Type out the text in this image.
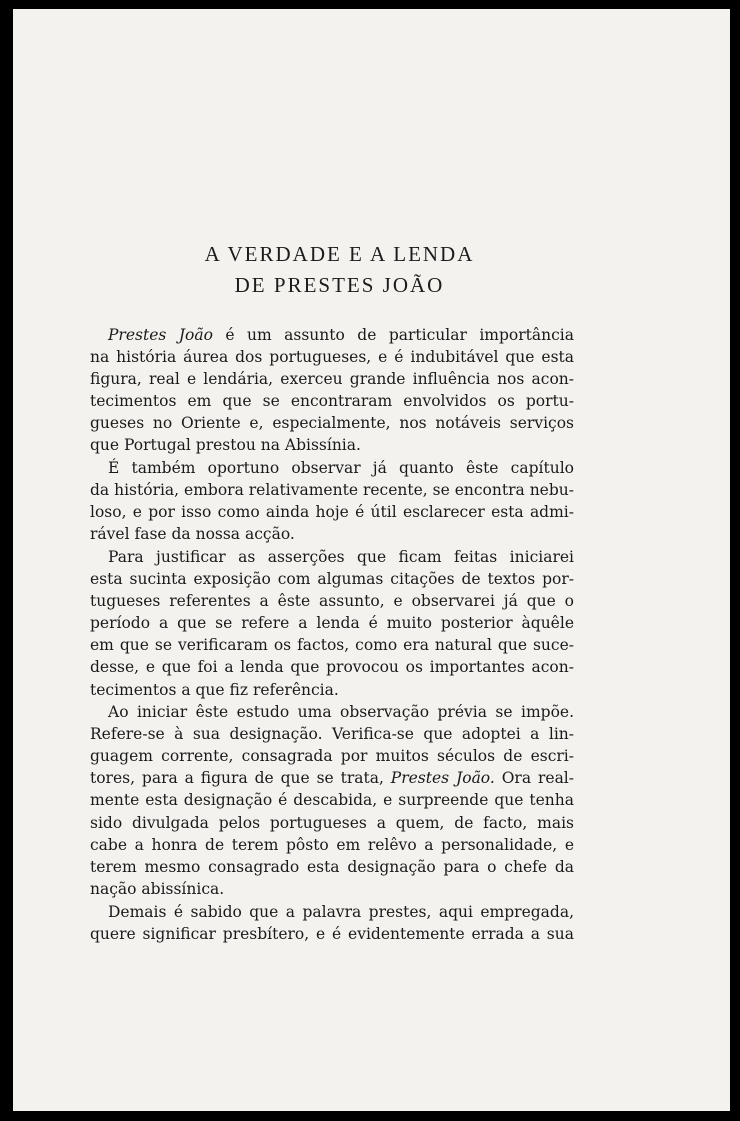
A VERDADE E A LENDA
DE PRESTES JOÃO
Prestes João é um assunto de particular importância
na história áurea dos portugueses, e é indubitável que esta
figura, real e lendária, exerceu grande influência nos acon-
tecimentos em que se encontraram envolvidos os portu-
gueses no Oriente e, especialmente, nos notáveis serviços
que Portugal prestou na Abissínia.
É também oportuno observar já quanto êste capítulo
da história, embora relativamente recente, se encontra nebu-
loso, e por isso como ainda hoje é útil esclarecer esta admi-
rável fase da nossa acção.
Para justificar as asserções que ficam feitas iniciarei
esta sucinta exposição com algumas citações de textos por-
tugueses referentes a êste assunto, e observarei já que o
período a que se refere a lenda é muito posterior àquêle
em que se verificaram os factos, como era natural que suce-
desse, e que foi a lenda que provocou os importantes acon-
tecimentos a que fiz referência.
Ao iniciar êste estudo uma observação prévia se impõe.
Refere-se à sua designação. Verifica-se que adoptei a lin-
guagem corrente, consagrada por muitos séculos de escri-
tores, para a figura de que se trata, Prestes João. Ora real-
mente esta designação é descabida, e surpreende que tenha
sido divulgada pelos portugueses a quem, de facto, mais
cabe a honra de terem pôsto em relêvo a personalidade, e
terem mesmo consagrado esta designação para o chefe da
nação abissínica.
Demais é sabido que a palavra prestes, aqui empregada,
quere significar presbítero, e é evidentemente errada a sua
